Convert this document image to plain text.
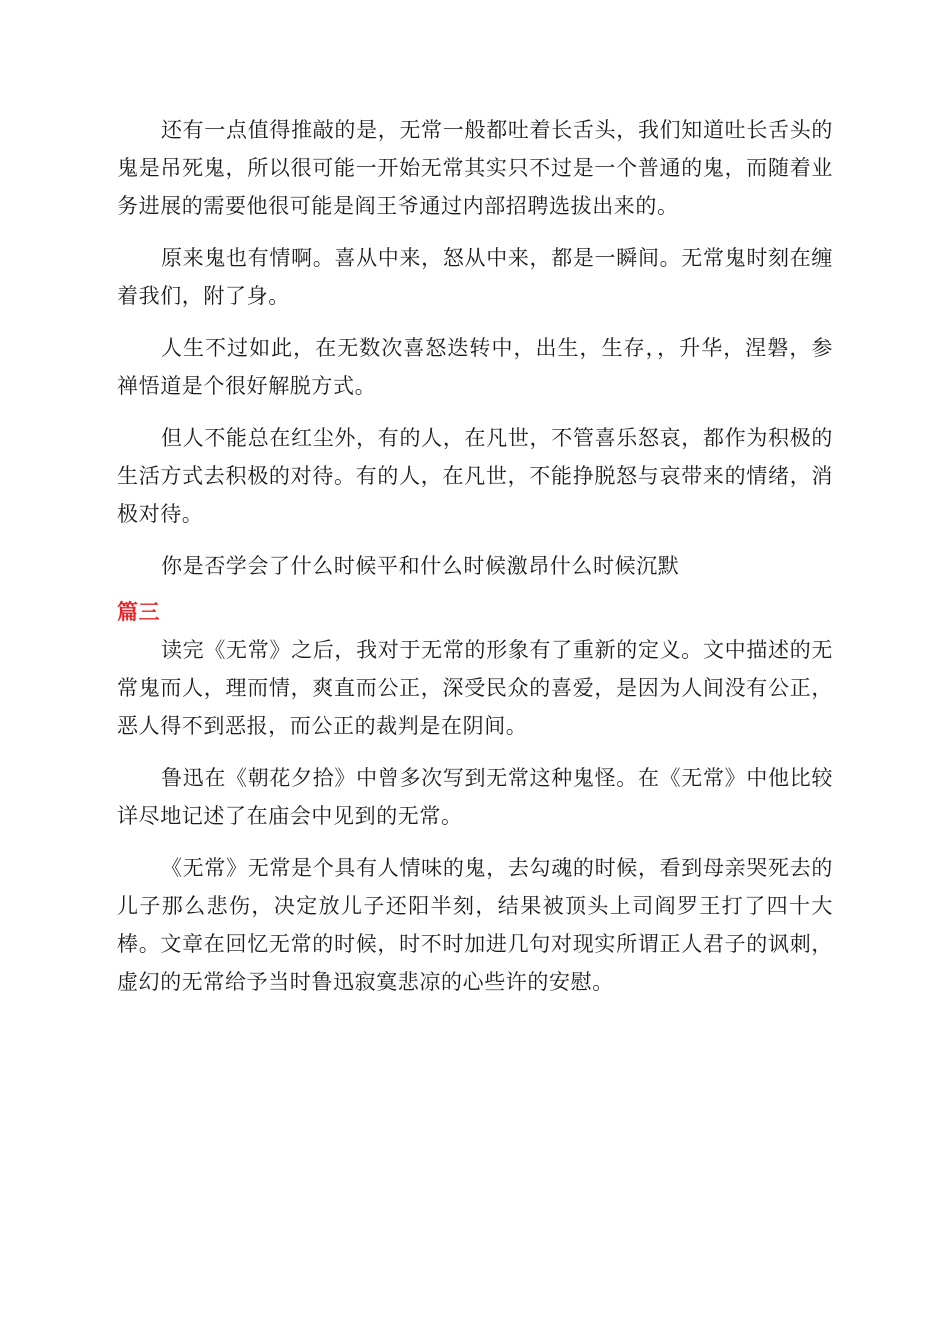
还有一点值得推敲的是，无常一般都吐着长舌头，我们知道吐长舌头的鬼是吊死鬼，所以很可能一开始无常其实只不过是一个普通的鬼，而随着业务进展的需要他很可能是阎王爷通过内部招聘选拔出来的。

原来鬼也有情啊。喜从中来，怒从中来，都是一瞬间。无常鬼时刻在缠着我们，附了身。

人生不过如此，在无数次喜怒迭转中，出生，生存，，升华，涅磐，参禅悟道是个很好解脱方式。

但人不能总在红尘外，有的人，在凡世，不管喜乐怒哀，都作为积极的生活方式去积极的对待。有的人，在凡世，不能挣脱怒与哀带来的情绪，消极对待。

你是否学会了什么时候平和什么时候激昂什么时候沉默

篇三

读完《无常》之后，我对于无常的形象有了重新的定义。文中描述的无常鬼而人，理而情，爽直而公正，深受民众的喜爱，是因为人间没有公正，恶人得不到恶报，而公正的裁判是在阴间。

鲁迅在《朝花夕拾》中曾多次写到无常这种鬼怪。在《无常》中他比较详尽地记述了在庙会中见到的无常。

《无常》无常是个具有人情味的鬼，去勾魂的时候，看到母亲哭死去的儿子那么悲伤，决定放儿子还阳半刻，结果被顶头上司阎罗王打了四十大棒。文章在回忆无常的时候，时不时加进几句对现实所谓正人君子的讽刺，虚幻的无常给予当时鲁迅寂寞悲凉的心些许的安慰。
